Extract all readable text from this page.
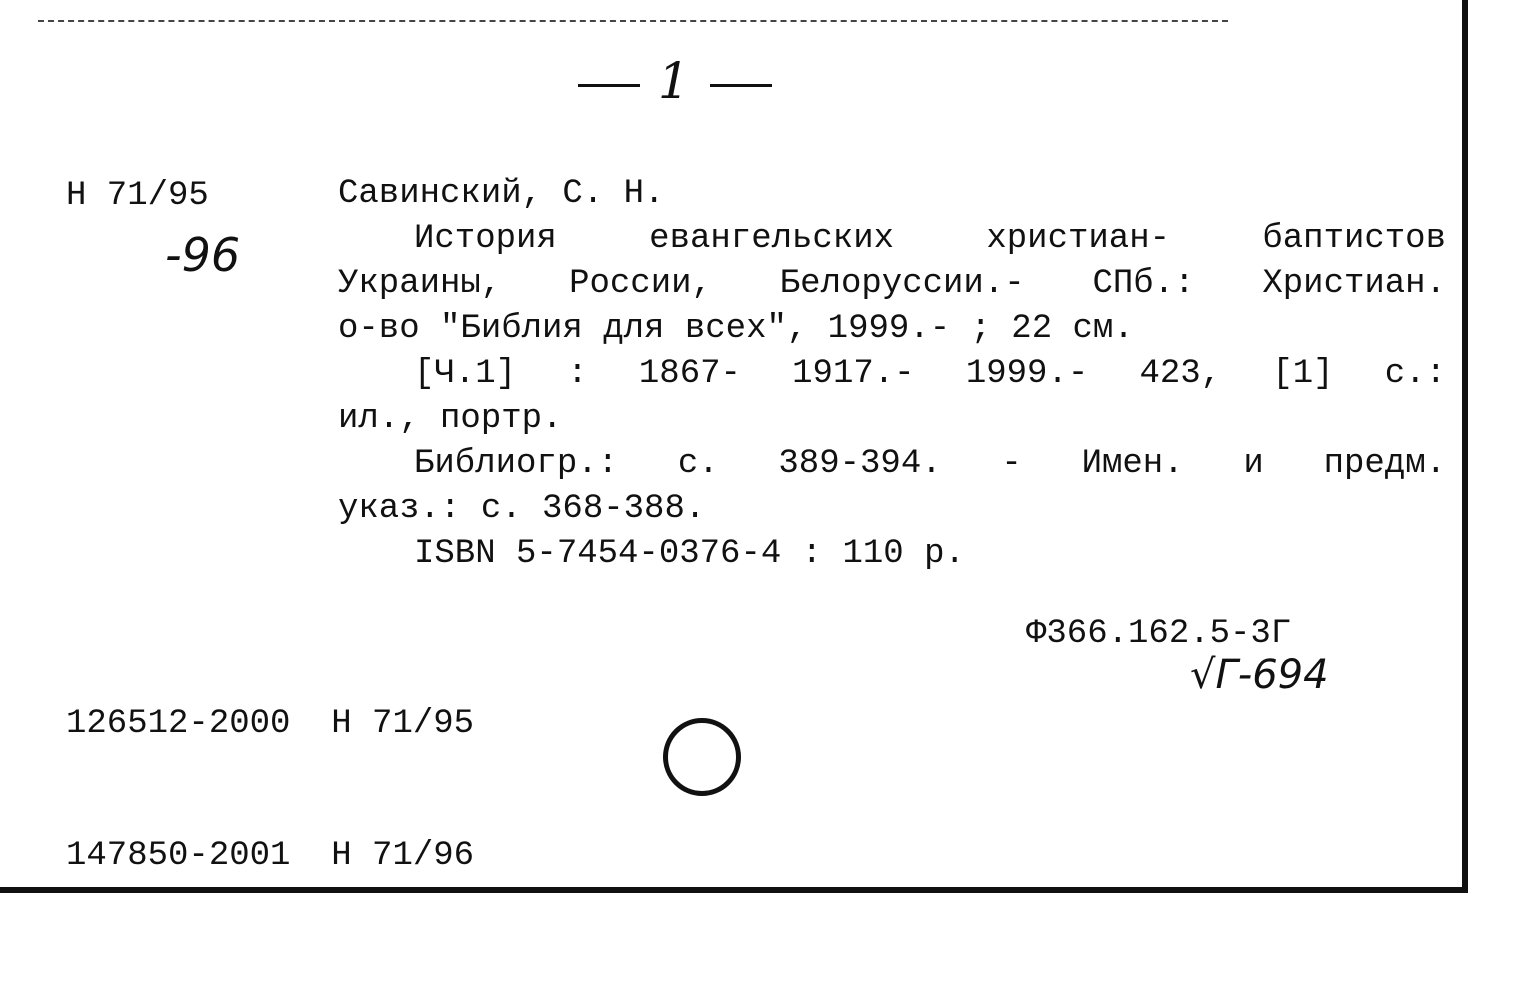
1
Н 71/95
-96
Савинский, С. Н.
История евангельских христиан- баптистов
Украины, России, Белоруссии.- СПб.: Христиан.
о-во "Библия для всех", 1999.- ; 22 см.
[Ч.1] : 1867- 1917.- 1999.- 423, [1] с.:
ил., портр.
Библиогр.: с. 389-394. - Имен. и предм.
указ.: с. 368-388.
ISBN 5-7454-0376-4 : 110 р.

126512-2000  Н 71/95

147850-2001  Н 71/96

Ф366.162.5-3Г
√Г-694
